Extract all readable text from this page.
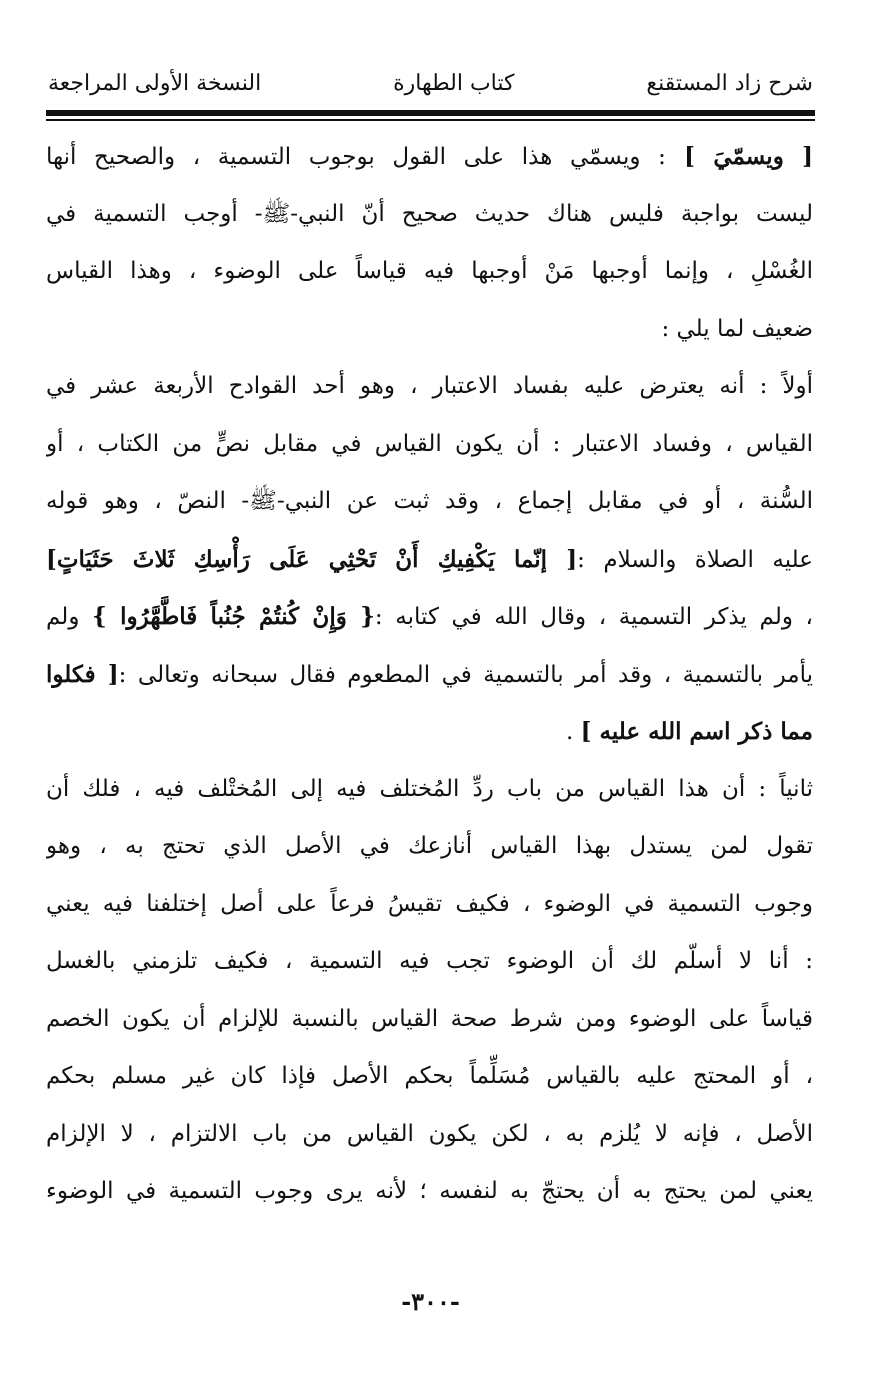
شرح زاد المستقنع
كتاب الطهارة
النسخة الأولى المراجعة
[ ويسمّيَ ] : ويسمّي هذا على القول بوجوب التسمية ، والصحيح أنها
ليست بواجبة فليس هناك حديث صحيح أنّ النبي-ﷺ- أوجب التسمية في
الغُسْلِ ، وإنما أوجبها مَنْ أوجبها فيه قياساً على الوضوء ، وهذا القياس
ضعيف لما يلي :
أولاً : أنه يعترض عليه بفساد الاعتبار ، وهو أحد القوادح الأربعة عشر في
القياس ، وفساد الاعتبار : أن يكون القياس في مقابل نصٍّ من الكتاب ، أو
السُّنة ، أو في مقابل إجماع ، وقد ثبت عن النبي-ﷺ- النصّ ، وهو قوله
عليه الصلاة والسلام :[ إنّما يَكْفِيكِ أَنْ تَحْثِي عَلَى رَأْسِكِ ثَلاثَ حَثَيَاتٍ]
، ولم يذكر التسمية ، وقال الله في كتابه :{ وَإِنْ كُنتُمْ جُنُباً فَاطَّهَّرُوا } ولم
يأمر بالتسمية ، وقد أمر بالتسمية في المطعوم فقال سبحانه وتعالى :[ فكلوا
مما ذكر اسم الله عليه ] .
ثانياً : أن هذا القياس من باب ردِّ المُختلف فيه إلى المُختْلف فيه ، فلك أن
تقول لمن يستدل بهذا القياس أنازعك في الأصل الذي تحتج به ، وهو
وجوب التسمية في الوضوء ، فكيف تقيسُ فرعاً على أصل إختلفنا فيه يعني
: أنا لا أسلّم لك أن الوضوء تجب فيه التسمية ، فكيف تلزمني بالغسل
قياساً على الوضوء ومن شرط صحة القياس بالنسبة للإلزام أن يكون الخصم
، أو المحتج عليه بالقياس مُسَلِّماً بحكم الأصل فإذا كان غير مسلم بحكم
الأصل ، فإنه لا يُلزم به ، لكن يكون القياس من باب الالتزام ، لا الإلزام
يعني لمن يحتج به أن يحتجّ به لنفسه ؛ لأنه يرى وجوب التسمية في الوضوء
-٣٠٠-
